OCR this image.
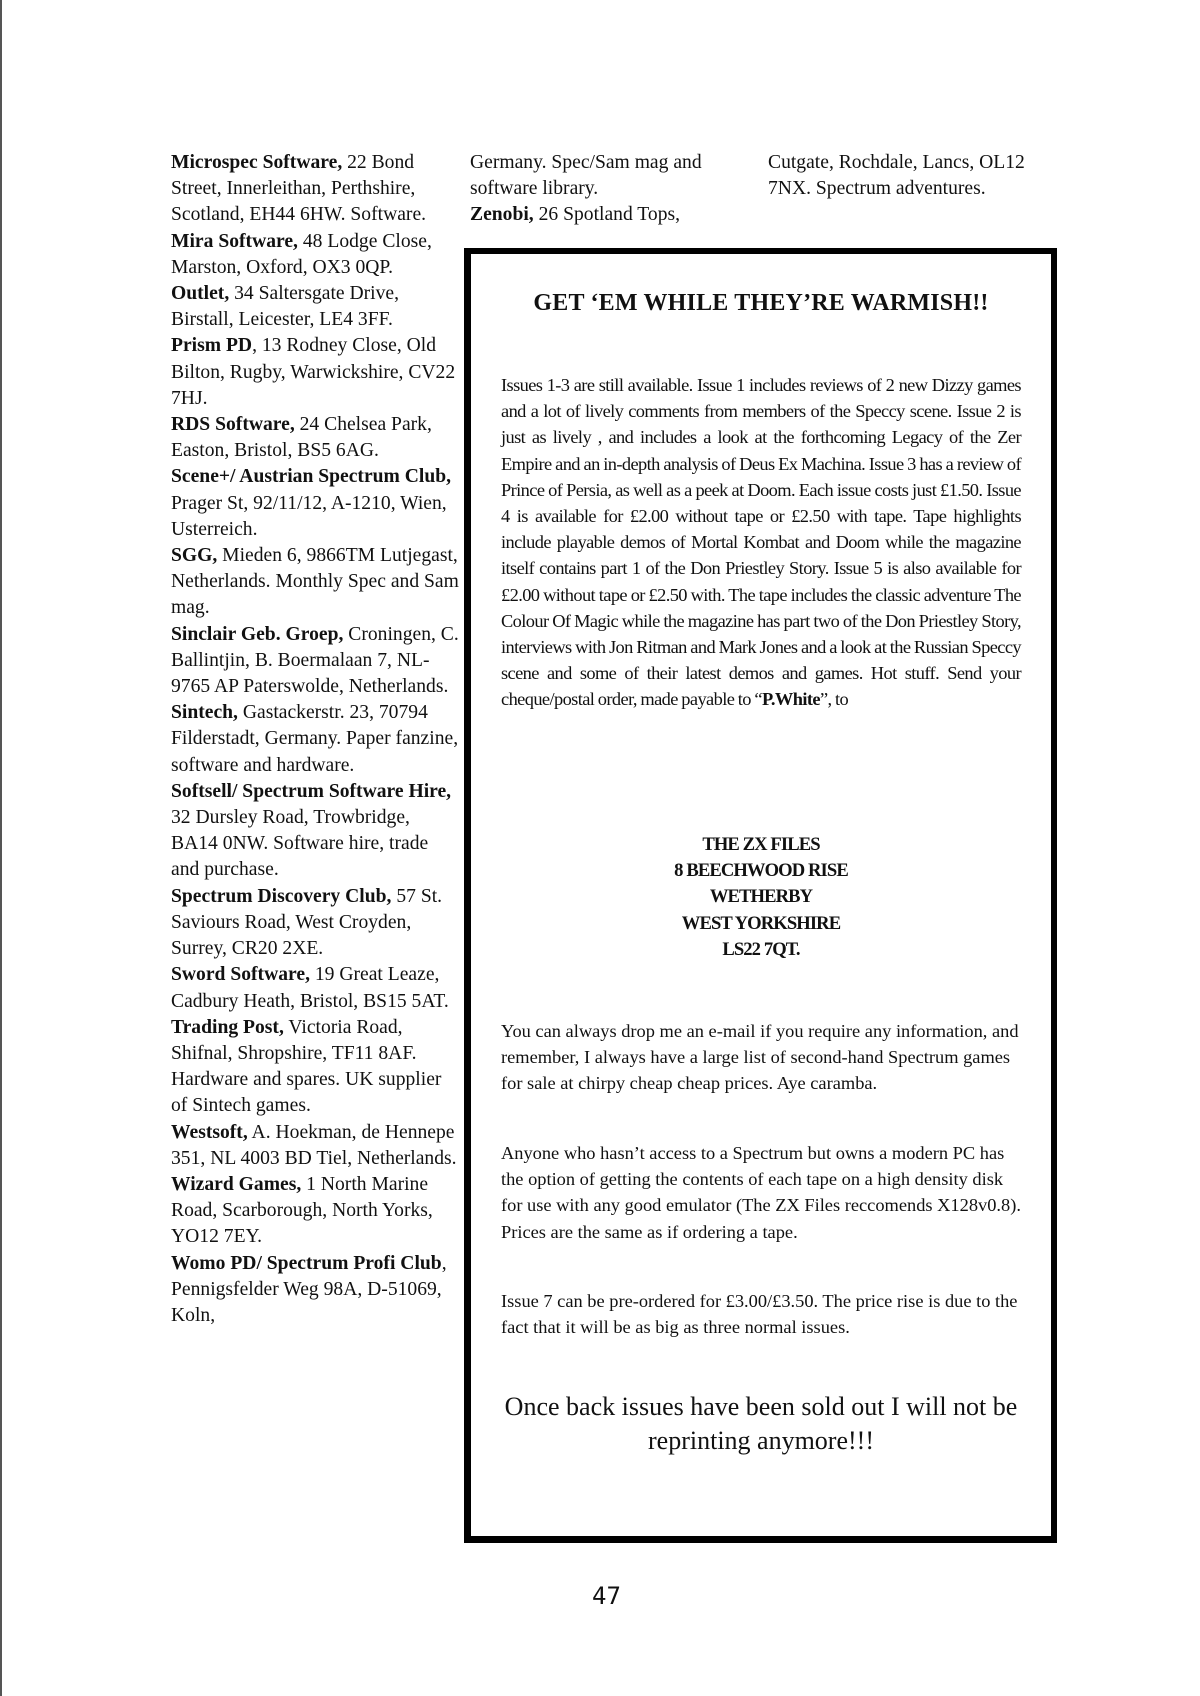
Microspec Software, 22 Bond Street, Innerleithan, Perthshire, Scotland, EH44 6HW. Software.

Mira Software, 48 Lodge Close, Marston, Oxford, OX3 0QP.

Outlet, 34 Saltersgate Drive, Birstall, Leicester, LE4 3FF.

Prism PD, 13 Rodney Close, Old Bilton, Rugby, Warwickshire, CV22 7HJ.

RDS Software, 24 Chelsea Park, Easton, Bristol, BS5 6AG.

Scene+/ Austrian Spectrum Club, Prager St, 92/11/12, A-1210, Wien, Usterreich.

SGG, Mieden 6, 9866TM Lutjegast, Netherlands. Monthly Spec and Sam mag.

Sinclair Geb. Groep, Croningen, C. Ballintjin, B. Boermalaan 7, NL-9765 AP Paterswolde, Netherlands.

Sintech, Gastackerstr. 23, 70794 Filderstadt, Germany. Paper fanzine, software and hardware.

Softsell/ Spectrum Software Hire, 32 Dursley Road, Trowbridge, BA14 0NW. Software hire, trade and purchase.

Spectrum Discovery Club, 57 St. Saviours Road, West Croyden, Surrey, CR20 2XE.

Sword Software, 19 Great Leaze, Cadbury Heath, Bristol, BS15 5AT.

Trading Post, Victoria Road, Shifnal, Shropshire, TF11 8AF. Hardware and spares. UK supplier of Sintech games.

Westsoft, A. Hoekman, de Hennepe 351, NL 4003 BD Tiel, Netherlands.

Wizard Games, 1 North Marine Road, Scarborough, North Yorks, YO12 7EY.

Womo PD/ Spectrum Profi Club, Pennigsfelder Weg 98A, D-51069, Koln,

Germany. Spec/Sam mag and software library.

Zenobi, 26 Spotland Tops,

Cutgate, Rochdale, Lancs, OL12 7NX. Spectrum adventures.

GET ‘EM WHILE THEY’RE WARMISH!!
Issues 1-3 are still available. Issue 1 includes reviews of 2 new Dizzy games and a lot of lively comments from members of the Speccy scene. Issue 2 is just as lively , and includes a look at the forthcoming Legacy of the Zer Empire and an in-depth analysis of Deus Ex Machina. Issue 3 has a review of Prince of Persia, as well as a peek at Doom. Each issue costs just £1.50. Issue 4 is available for £2.00 without tape or £2.50 with tape. Tape highlights include playable demos of Mortal Kombat and Doom while the magazine itself contains part 1 of the Don Priestley Story. Issue 5 is also available for £2.00 without tape or £2.50 with. The tape includes the classic adventure The Colour Of Magic while the magazine has part two of the Don Priestley Story, interviews with Jon Ritman and Mark Jones and a look at the Russian Speccy scene and some of their latest demos and games. Hot stuff. Send your cheque/postal order, made payable to “P.White”, to
THE ZX FILES
8 BEECHWOOD RISE
WETHERBY
WEST YORKSHIRE
LS22 7QT.
You can always drop me an e-mail if you require any information, and remember, I always have a large list of second-hand Spectrum games for sale at chirpy cheap cheap prices. Aye caramba.
Anyone who hasn’t access to a Spectrum but owns a modern PC has the option of getting the contents of each tape on a high density disk for use with any good emulator (The ZX Files reccomends X128v0.8). Prices are the same as if ordering a tape.
Issue 7 can be pre-ordered for £3.00/£3.50. The price rise is due to the fact that it will be as big as three normal issues.
Once back issues have been sold out I will not be reprinting anymore!!!
47
